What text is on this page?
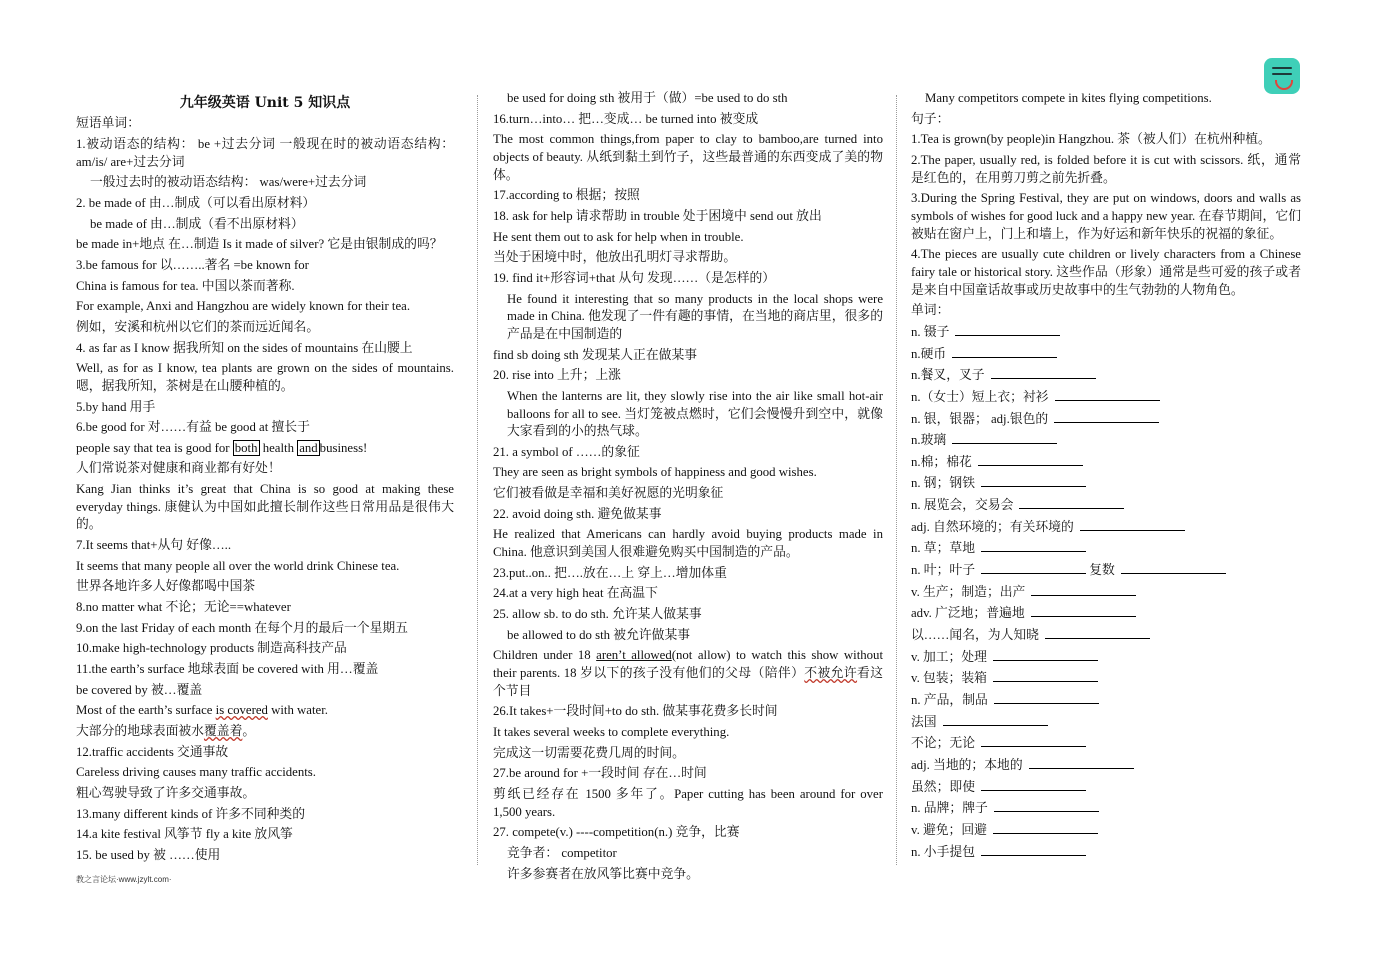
九年级英语 Unit 5 知识点

短语单词：

1.被动语态的结构： be +过去分词 一般现在时的被动语态结构：am/is/ are+过去分词

一般过去时的被动语态结构： was/were+过去分词

2. be made of 由…制成（可以看出原材料）

be made of 由…制成（看不出原材料）

be made in+地点 在…制造 Is it made of silver? 它是由银制成的吗？

3.be famous for 以……..著名 =be known for

China is famous for tea. 中国以茶而著称.

For example, Anxi and Hangzhou are widely known for their tea.

例如，安溪和杭州以它们的茶而远近闻名。

4. as far as I know 据我所知 on the sides of mountains 在山腰上

Well, as for as I know, tea plants are grown on the sides of mountains. 嗯，据我所知，茶树是在山腰种植的。

5.by hand 用手

6.be good for 对……有益 be good at 擅长于

people say that tea is good for both health and business!

人们常说茶对健康和商业都有好处！

Kang Jian thinks it’s great that China is so good at making these everyday things. 康健认为中国如此擅长制作这些日常用品是很伟大的。

7.It seems that+从句 好像…..

It seems that many people all over the world drink Chinese tea.

世界各地许多人好像都喝中国茶

8.no matter what 不论；无论==whatever

9.on the last Friday of each month 在每个月的最后一个星期五

10.make high-technology products 制造高科技产品

11.the earth’s surface 地球表面 be covered with 用…覆盖

be covered by 被…覆盖

Most of the earth’s surface is covered with water.

大部分的地球表面被水覆盖着。

12.traffic accidents 交通事故

Careless driving causes many traffic accidents.

粗心驾驶导致了许多交通事故。

13.many different kinds of 许多不同种类的

14.a kite festival 风筝节 fly a kite 放风筝

15. be used by 被 ……使用

be used for doing sth 被用于（做）=be used to do sth

16.turn…into… 把…变成… be turned into 被变成

The most common things,from paper to clay to bamboo,are turned into objects of beauty. 从纸到黏土到竹子，这些最普通的东西变成了美的物体。

17.according to 根据；按照

18. ask for help 请求帮助 in trouble 处于困境中 send out 放出

He sent them out to ask for help when in trouble.

当处于困境中时，他放出孔明灯寻求帮助。

19. find it+形容词+that 从句 发现……（是怎样的）

He found it interesting that so many products in the local shops were made in China. 他发现了一件有趣的事情，在当地的商店里，很多的产品是在中国制造的

find sb doing sth 发现某人正在做某事

20. rise into 上升；上涨

When the lanterns are lit, they slowly rise into the air like small hot-air balloons for all to see. 当灯笼被点燃时，它们会慢慢升到空中，就像大家看到的小的热气球。

21. a symbol of ……的象征

They are seen as bright symbols of happiness and good wishes.

它们被看做是幸福和美好祝愿的光明象征

22. avoid doing sth. 避免做某事

He realized that Americans can hardly avoid buying products made in China. 他意识到美国人很难避免购买中国制造的产品。

23.put..on.. 把….放在…上 穿上…增加体重

24.at a very high heat 在高温下

25. allow sb. to do sth. 允许某人做某事

be allowed to do sth 被允许做某事

Children under 18 aren’t allowed(not allow) to watch this show without their parents. 18 岁以下的孩子没有他们的父母（陪伴）不被允许看这个节目

26.It takes+一段时间+to do sth. 做某事花费多长时间

It takes several weeks to complete everything.

完成这一切需要花费几周的时间。

27.be around for +一段时间 存在…时间

剪纸已经存在 1500 多年了。Paper cutting has been around for over 1,500 years.

27. compete(v.) ----competition(n.) 竞争，比赛

竞争者： competitor

许多参赛者在放风筝比赛中竞争。

Many competitors compete in kites flying competitions.

句子：

1.Tea is grown(by people)in Hangzhou. 茶（被人们）在杭州种植。

2.The paper, usually red, is folded before it is cut with scissors. 纸，通常是红色的，在用剪刀剪之前先折叠。

3.During the Spring Festival, they are put on windows, doors and walls as symbols of wishes for good luck and a happy new year. 在春节期间，它们被贴在窗户上，门上和墙上，作为好运和新年快乐的祝福的象征。

4.The pieces are usually cute children or lively characters from a Chinese fairy tale or historical story. 这些作品（形象）通常是些可爱的孩子或者是来自中国童话故事或历史故事中的生气勃勃的人物角色。

单词：

n. 镊子

n.硬币

n.餐叉，叉子

n.（女士）短上衣；衬衫

n. 银，银器； adj.银色的

n.玻璃

n.棉；棉花

n. 钢；钢铁

n. 展览会，交易会

adj. 自然环境的；有关环境的

n. 草；草地

n. 叶；叶子	复数

v. 生产；制造；出产

adv. 广泛地；普遍地

以……闻名，为人知晓

v. 加工；处理

v. 包装；装箱

n. 产品，制品

法国

不论；无论

adj. 当地的；本地的

虽然；即使

n. 品牌；牌子

v. 避免；回避

n. 小手提包

教之言论坛·www.jzylt.com·
